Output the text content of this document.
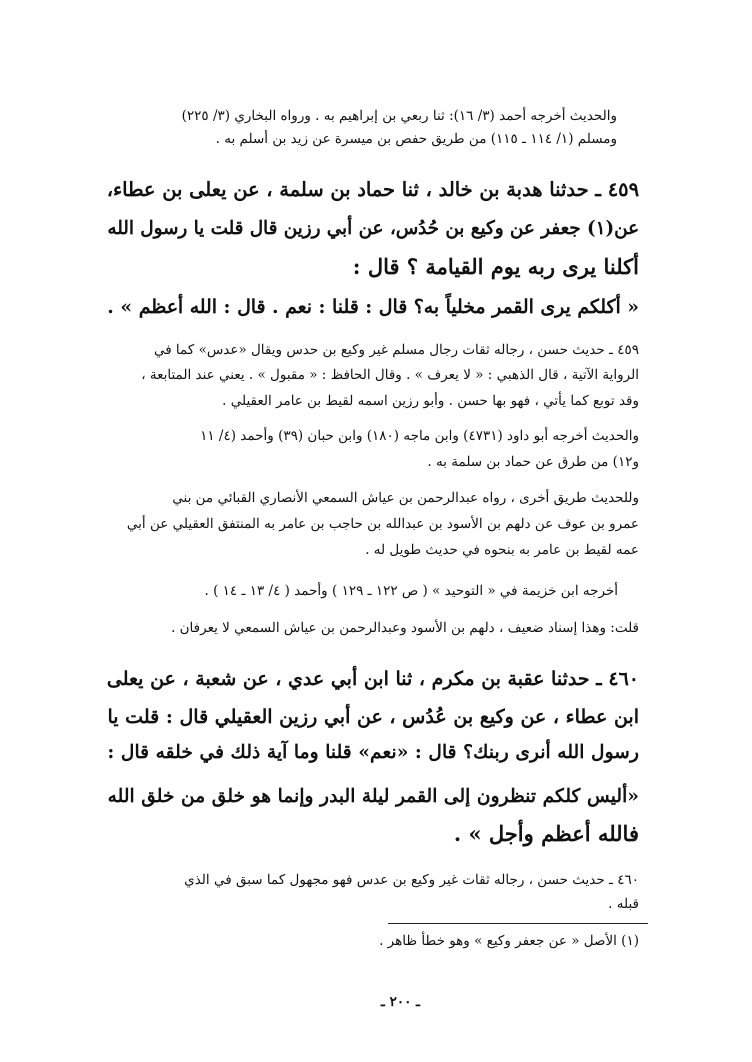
والحديث أخرجه أحمد (٣/ ١٦): ثنا ربعي بن إبراهيم به . ورواه البخاري (٣/ ٢٢٥)

ومسلم (١/ ١١٤ ـ ١١٥) من طريق حفص بن ميسرة عن زيد بن أسلم به .

٤٥٩ ـ حدثنا هدبة بن خالد ، ثنا حماد بن سلمة ، عن يعلى بن عطاء،

عن(١) جعفر عن وكيع بن حُدُس، عن أبي رزين قال قلت يا رسول الله

أكلنا يرى ربه يوم القيامة ؟ قال :

« أكلكم يرى القمر مخلياً به؟ قال : قلنا : نعم . قال : الله أعظم » .

٤٥٩ ـ حديث حسن ، رجاله ثقات رجال مسلم غير وكيع بن حدس ويقال «عدس» كما في

الرواية الآتية ، قال الذهبي : « لا يعرف » . وقال الحافظ : « مقبول » . يعني عند المتابعة ،

وقد توبع كما يأتي ، فهو بها حسن . وأبو رزين اسمه لقيط بن عامر العقيلي .

والحديث أخرجه أبو داود (٤٧٣١) وابن ماجه (١٨٠) وابن حبان (٣٩) وأحمد (٤/ ١١

و١٢) من طرق عن حماد بن سلمة به .

وللحديث طريق أخرى ، رواه عبدالرحمن بن عياش السمعي الأنصاري القبائي من بني

عمرو بن عوف عن دلهم بن الأسود بن عبدالله بن حاجب بن عامر به المنتفق العقيلي عن أبي

عمه لقيط بن عامر به بنحوه في حديث طويل له .

أخرجه ابن خزيمة في « التوحيد » ( ص ١٢٢ ـ ١٢٩ ) وأحمد ( ٤/ ١٣ ـ ١٤ ) .

قلت: وهذا إسناد ضعيف ، دلهم بن الأسود وعبدالرحمن بن عياش السمعي لا يعرفان .

٤٦٠ ـ حدثنا عقبة بن مكرم ، ثنا ابن أبي عدي ، عن شعبة ، عن يعلى

ابن عطاء ، عن وكيع بن عُدُس ، عن أبي رزين العقيلي قال : قلت يا

رسول الله أنرى ربنك؟ قال : «نعم» قلنا وما آية ذلك في خلقه قال :

«أليس كلكم تنظرون إلى القمر ليلة البدر وإنما هو خلق من خلق الله

فالله أعظم وأجل » .

٤٦٠ ـ حديث حسن ، رجاله ثقات غير وكيع بن عدس فهو مجهول كما سبق في الذي

قبله .

(١) الأصل « عن جعفر وكيع » وهو خطأ ظاهر .

ـ ٢٠٠ ـ
